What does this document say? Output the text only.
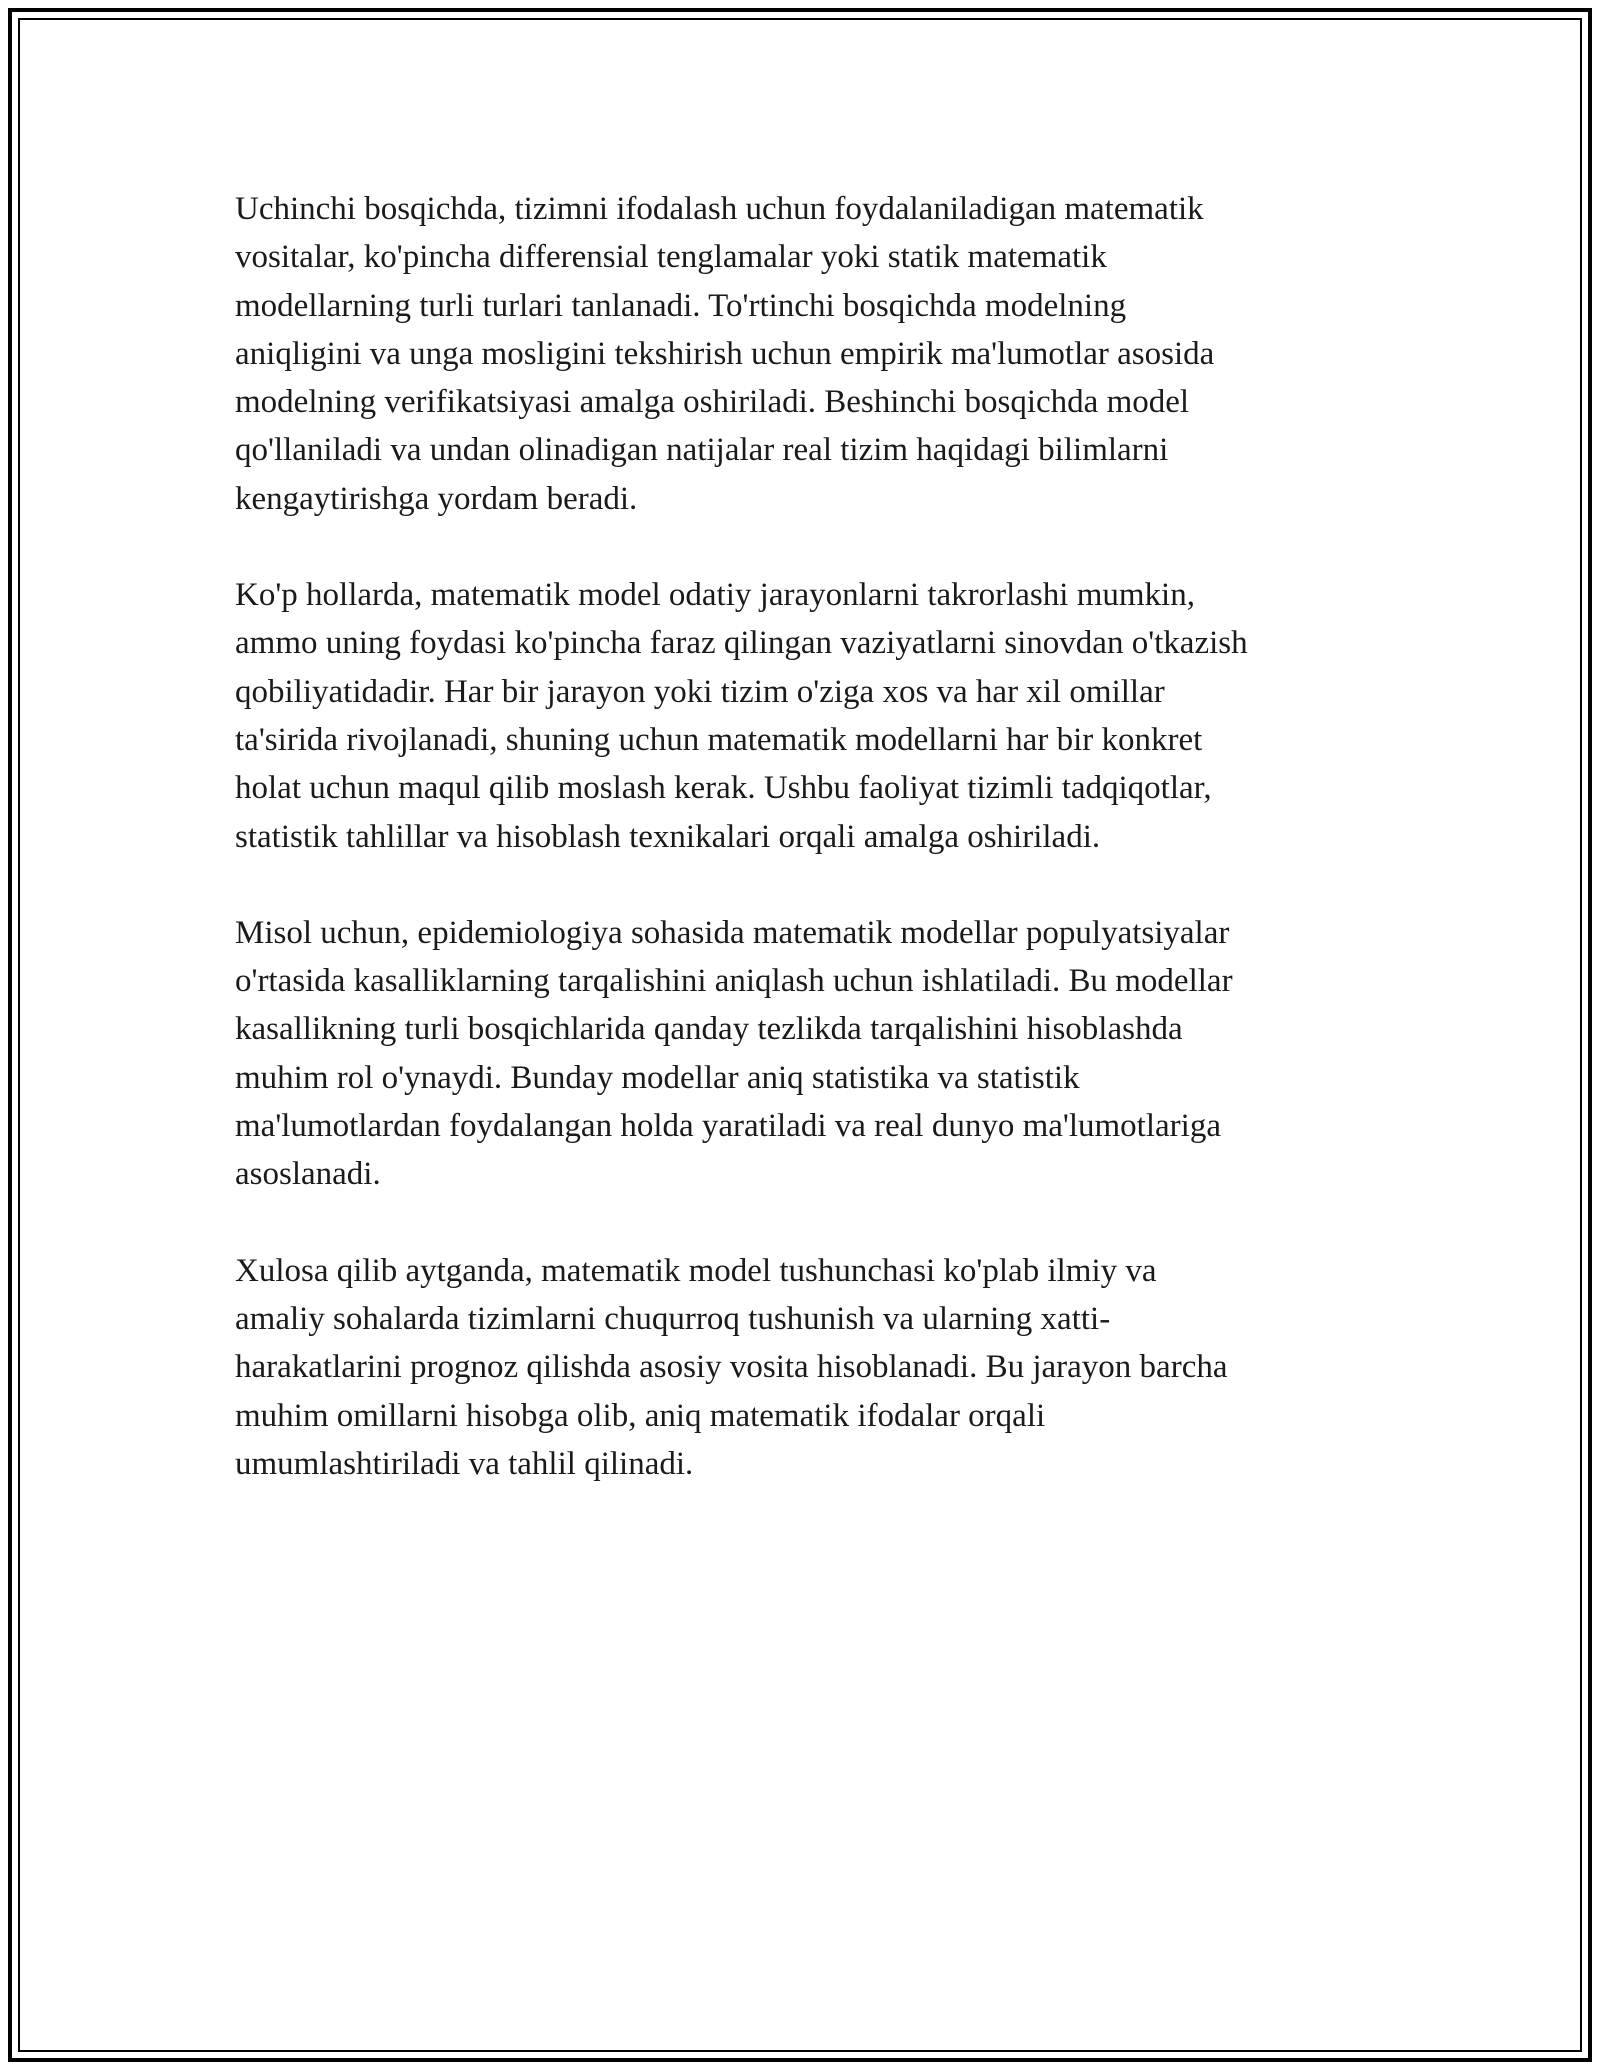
Uchinchi bosqichda, tizimni ifodalash uchun foydalaniladigan matematik
vositalar, ko'pincha differensial tenglamalar yoki statik matematik
modellarning turli turlari tanlanadi. To'rtinchi bosqichda modelning
aniqligini va unga mosligini tekshirish uchun empirik ma'lumotlar asosida
modelning verifikatsiyasi amalga oshiriladi. Beshinchi bosqichda model
qo'llaniladi va undan olinadigan natijalar real tizim haqidagi bilimlarni
kengaytirishga yordam beradi.

Ko'p hollarda, matematik model odatiy jarayonlarni takrorlashi mumkin,
ammo uning foydasi ko'pincha faraz qilingan vaziyatlarni sinovdan o'tkazish
qobiliyatidadir. Har bir jarayon yoki tizim o'ziga xos va har xil omillar
ta'sirida rivojlanadi, shuning uchun matematik modellarni har bir konkret
holat uchun maqul qilib moslash kerak. Ushbu faoliyat tizimli tadqiqotlar,
statistik tahlillar va hisoblash texnikalari orqali amalga oshiriladi.

Misol uchun, epidemiologiya sohasida matematik modellar populyatsiyalar
o'rtasida kasalliklarning tarqalishini aniqlash uchun ishlatiladi. Bu modellar
kasallikning turli bosqichlarida qanday tezlikda tarqalishini hisoblashda
muhim rol o'ynaydi. Bunday modellar aniq statistika va statistik
ma'lumotlardan foydalangan holda yaratiladi va real dunyo ma'lumotlariga
asoslanadi.

Xulosa qilib aytganda, matematik model tushunchasi ko'plab ilmiy va
amaliy sohalarda tizimlarni chuqurroq tushunish va ularning xatti-
harakatlarini prognoz qilishda asosiy vosita hisoblanadi. Bu jarayon barcha
muhim omillarni hisobga olib, aniq matematik ifodalar orqali
umumlashtiriladi va tahlil qilinadi.
